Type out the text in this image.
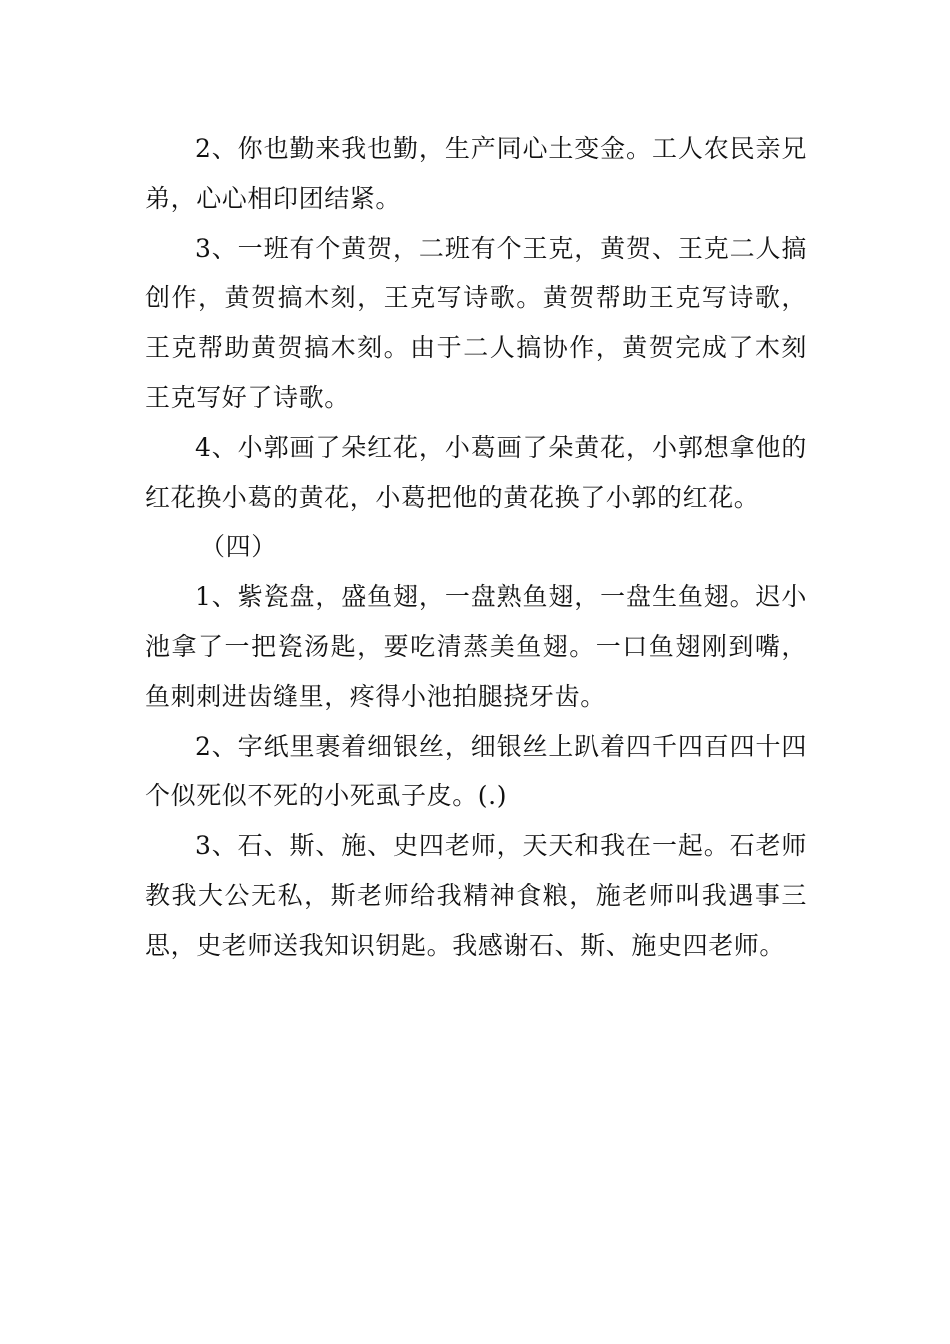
2、你也勤来我也勤，生产同心土变金。工人农民亲兄弟，心心相印团结紧。

3、一班有个黄贺，二班有个王克，黄贺、王克二人搞创作，黄贺搞木刻，王克写诗歌。黄贺帮助王克写诗歌，王克帮助黄贺搞木刻。由于二人搞协作，黄贺完成了木刻王克写好了诗歌。

4、小郭画了朵红花，小葛画了朵黄花，小郭想拿他的红花换小葛的黄花，小葛把他的黄花换了小郭的红花。

（四）

1、紫瓷盘，盛鱼翅，一盘熟鱼翅，一盘生鱼翅。迟小池拿了一把瓷汤匙，要吃清蒸美鱼翅。一口鱼翅刚到嘴，鱼刺刺进齿缝里，疼得小池拍腿挠牙齿。

2、字纸里裹着细银丝，细银丝上趴着四千四百四十四个似死似不死的小死虱子皮。(.)

3、石、斯、施、史四老师，天天和我在一起。石老师教我大公无私，斯老师给我精神食粮，施老师叫我遇事三思，史老师送我知识钥匙。我感谢石、斯、施史四老师。
